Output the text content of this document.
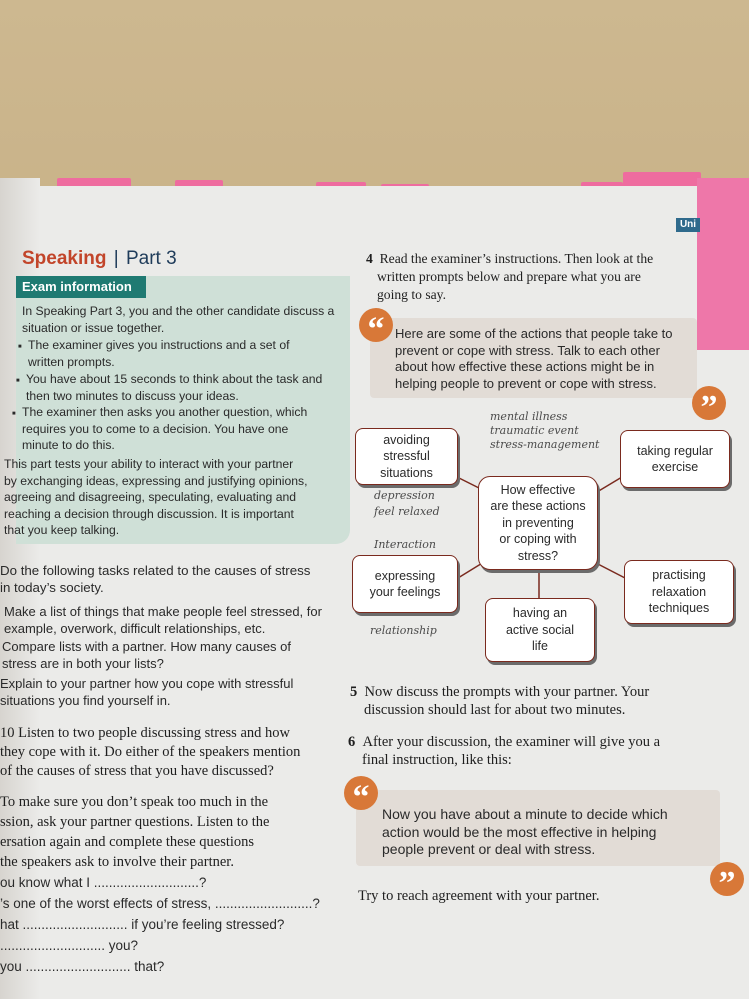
Uni
Speaking | Part 3
Exam information
In Speaking Part 3, you and the other candidate discuss a
situation or issue together.
■ The examiner gives you instructions and a set of
written prompts.
■ You have about 15 seconds to think about the task and
then two minutes to discuss your ideas.
■ The examiner then asks you another question, which
requires you to come to a decision. You have one
minute to do this.
This part tests your ability to interact with your partner
by exchanging ideas, expressing and justifying opinions,
agreeing and disagreeing, speculating, evaluating and
reaching a decision through discussion. It is important
that you keep talking.
Do the following tasks related to the causes of stress
in today’s society.
Make a list of things that make people feel stressed, for
example, overwork, difficult relationships, etc.
Compare lists with a partner. How many causes of
stress are in both your lists?
Explain to your partner how you cope with stressful
situations you find yourself in.
10 Listen to two people discussing stress and how
they cope with it. Do either of the speakers mention
of the causes of stress that you have discussed?
To make sure you don’t speak too much in the
ssion, ask your partner questions. Listen to the
ersation again and complete these questions
the speakers ask to involve their partner.
ou know what I ............................?
’s one of the worst effects of stress, ..........................?
hat ............................ if you’re feeling stressed?
............................ you?
you ............................ that?
4 Read the examiner’s instructions. Then look at the
written prompts below and prepare what you are
going to say.
“ Here are some of the actions that people take to
prevent or cope with stress. Talk to each other
about how effective these actions might be in
helping people to prevent or cope with stress.
”
avoiding
stressful
situations
taking regular
exercise
How effective
are these actions
in preventing
or coping with
stress?
expressing
your feelings
practising
relaxation
techniques
having an
active social
life
mental illness
traumatic event
stress-management
depression
feel relaxed
Interaction
relationship
5 Now discuss the prompts with your partner. Your
discussion should last for about two minutes.
6 After your discussion, the examiner will give you a
final instruction, like this:
“ Now you have about a minute to decide which
action would be the most effective in helping
people prevent or deal with stress.
”
Try to reach agreement with your partner.
